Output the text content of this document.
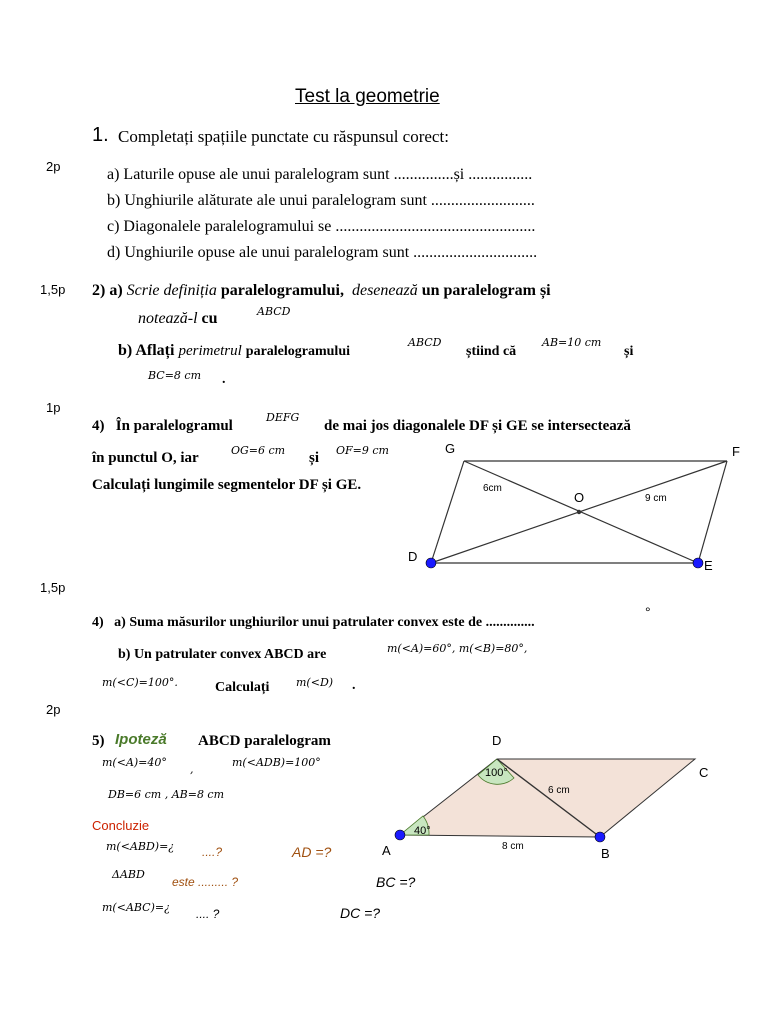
Test la geometrie
1. Completați spațiile punctate cu răspunsul corect:
2p	a) Laturile opuse ale unui paralelogram sunt ...............și ................
b) Unghiurile alăturate ale unui paralelogram sunt ..........................
c) Diagonalele paralelogramului se ..................................................
d) Unghiurile opuse ale unui paralelogram sunt ...............................
1,5p 2) a) Scrie definiția paralelogramului, desenează un paralelogram și
notează-l cu	ABCD
b) Aflați perimetrul paralelogramului
ABCD
știind că
AB=10 cm
și
BC=8 cm .
1p
4) În paralelogramul
DEFG
de mai jos diagonalele DF și GE se intersectează
în punctul O, iar	OG=6 cm și OF=9 cm
Calculați lungimile segmentelor DF și GE.
G	F
D
E
O
6cm
9 cm
1,5p
4) a) Suma măsurilor unghiurilor unui patrulater convex este de ..............
°
b) Un patrulater convex ABCD are	m(<A)=60°, m(<B)=80°,
m(<C)=100°.	Calculați m(<D) .
2p
5) Ipoteză ABCD paralelogram
m(<A)=40°
,
m(<ADB)=100°
DB=6 cm , AB=8 cm
Concluzie
m(<ABD)=¿ ....?	AD =?
ΔABD
este ......... ?	BC =?
m(<ABC)=¿ .... ?	DC =?
A	B
C
D
40°
100°
6 cm
8 cm
